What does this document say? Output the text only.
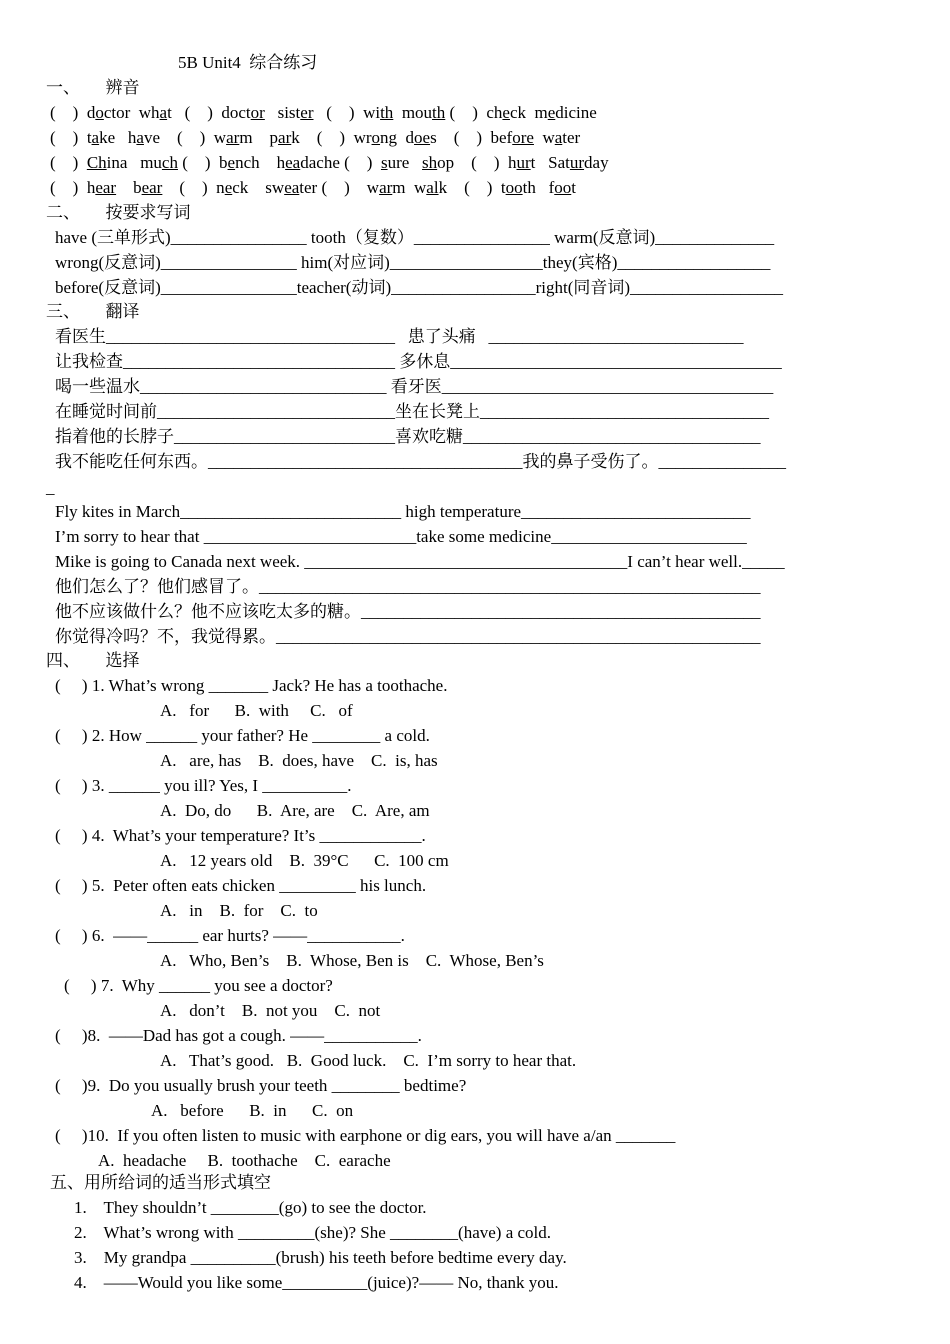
5B Unit4  综合练习
一、      辨音
(    )  doctor  what   (    )  doctor   sister   (    )  with  mouth (    )  check  medicine
(    )  take   have    (    )  warm    park    (    )  wrong  does    (    )  before  water
(    )  China   much (    )  bench    headache (    )  sure   shop    (    )  hurt   Saturday
(    )  hear    bear    (    )  neck    sweater (    )    warm  walk    (    )  tooth   foot
二、      按要求写词
have (三单形式)________________ tooth（复数）________________ warm(反意词)______________
wrong(反意词)________________ him(对应词)__________________they(宾格)__________________
before(反意词)________________teacher(动词)_________________right(同音词)__________________
三、      翻译
看医生__________________________________   患了头痛   ______________________________
让我检查________________________________ 多休息_______________________________________
喝一些温水_____________________________ 看牙医_______________________________________
在睡觉时间前____________________________坐在长凳上__________________________________
指着他的长脖子__________________________喜欢吃糖___________________________________
我不能吃任何东西。_____________________________________我的鼻子受伤了。_______________
_
Fly kites in March__________________________ high temperature___________________________
I’m sorry to hear that _________________________take some medicine_______________________
Mike is going to Canada next week. ______________________________________I can’t hear well._____
他们怎么了？他们感冒了。___________________________________________________________
他不应该做什么？他不应该吃太多的糖。_______________________________________________
你觉得冷吗？不，我觉得累。_________________________________________________________
四、      选择
(     ) 1. What’s wrong _______ Jack? He has a toothache.
A.   for      B.  with     C.   of
(     ) 2. How ______ your father? He ________ a cold.
A.   are, has    B.  does, have    C.  is, has
(     ) 3. ______ you ill? Yes, I __________.
A.  Do, do      B.  Are, are    C.  Are, am
(     ) 4.  What’s your temperature? It’s ____________.
A.   12 years old    B.  39°C      C.  100 cm
(     ) 5.  Peter often eats chicken _________ his lunch.
A.   in    B.  for    C.  to
(     ) 6.  ——______ ear hurts? ——___________.
A.   Who, Ben’s    B.  Whose, Ben is    C.  Whose, Ben’s
(     ) 7.  Why ______ you see a doctor?
A.   don’t    B.  not you    C.  not
(     )8.  ——Dad has got a cough. ——___________.
A.   That’s good.   B.  Good luck.    C.  I’m sorry to hear that.
(     )9.  Do you usually brush your teeth ________ bedtime?
A.   before      B.  in      C.  on
(     )10.  If you often listen to music with earphone or dig ears, you will have a/an _______
A.  headache     B.  toothache    C.  earache
五、用所给词的适当形式填空
1.    They shouldn’t ________(go) to see the doctor.
2.    What’s wrong with _________(she)? She ________(have) a cold.
3.    My grandpa __________(brush) his teeth before bedtime every day.
4.    ——Would you like some__________(juice)?—— No, thank you.
